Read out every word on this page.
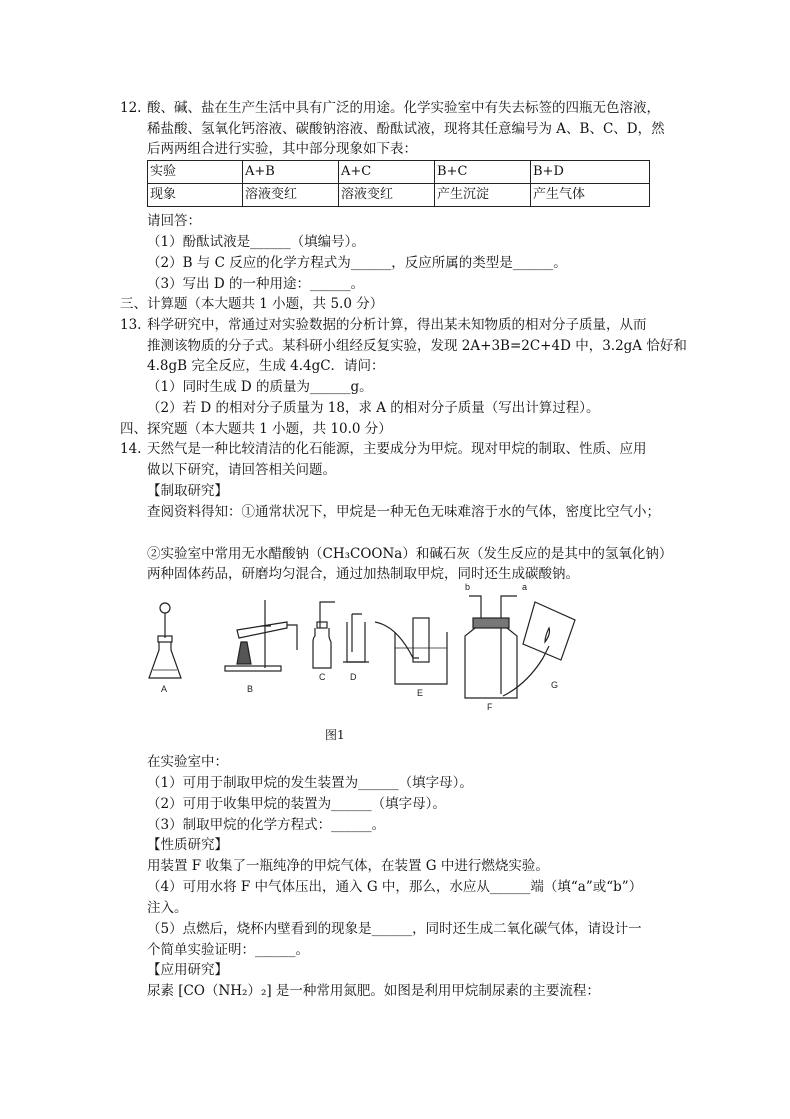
12. 酸、碱、盐在生产生活中具有广泛的用途。化学实验室中有失去标签的四瓶无色溶液，
稀盐酸、氢氧化钙溶液、碳酸钠溶液、酚酞试液，现将其任意编号为 A、B、C、D，然
后两两组合进行实验，其中部分现象如下表：
实验	A+B	A+C	B+C	B+D
现象	溶液变红	溶液变红	产生沉淀	产生气体
请回答：
（1）酚酞试液是______（填编号）。
（2）B 与 C 反应的化学方程式为______，反应所属的类型是______。
（3）写出 D 的一种用途：______。
三、计算题（本大题共 1 小题，共 5.0 分）
13. 科学研究中，常通过对实验数据的分析计算，得出某未知物质的相对分子质量，从而
推测该物质的分子式。某科研小组经反复实验，发现 2A+3B=2C+4D 中，3.2gA 恰好和
4.8gB 完全反应，生成 4.4gC．请问：
（1）同时生成 D 的质量为______g。
（2）若 D 的相对分子质量为 18，求 A 的相对分子质量（写出计算过程）。
四、探究题（本大题共 1 小题，共 10.0 分）
14. 天然气是一种比较清洁的化石能源，主要成分为甲烷。现对甲烷的制取、性质、应用
做以下研究，请回答相关问题。
【制取研究】
查阅资料得知：①通常状况下，甲烷是一种无色无味难溶于水的气体，密度比空气小；
②实验室中常用无水醋酸钠（CH₃COONa）和碱石灰（发生反应的是其中的氢氧化钠）
两种固体药品，研磨均匀混合，通过加热制取甲烷，同时还生成碳酸钠。
A	B
C	D
E
b	a
F
G
图1
在实验室中：
（1）可用于制取甲烷的发生装置为______（填字母）。
（2）可用于收集甲烷的装置为______（填字母）。
（3）制取甲烷的化学方程式：______。
【性质研究】
用装置 F 收集了一瓶纯净的甲烷气体，在装置 G 中进行燃烧实验。
（4）可用水将 F 中气体压出，通入 G 中，那么，水应从______端（填“a”或“b”）
注入。
（5）点燃后，烧杯内壁看到的现象是______，同时还生成二氧化碳气体，请设计一
个简单实验证明：______。
【应用研究】
尿素 [CO（NH₂）₂] 是一种常用氮肥。如图是利用甲烷制尿素的主要流程：
